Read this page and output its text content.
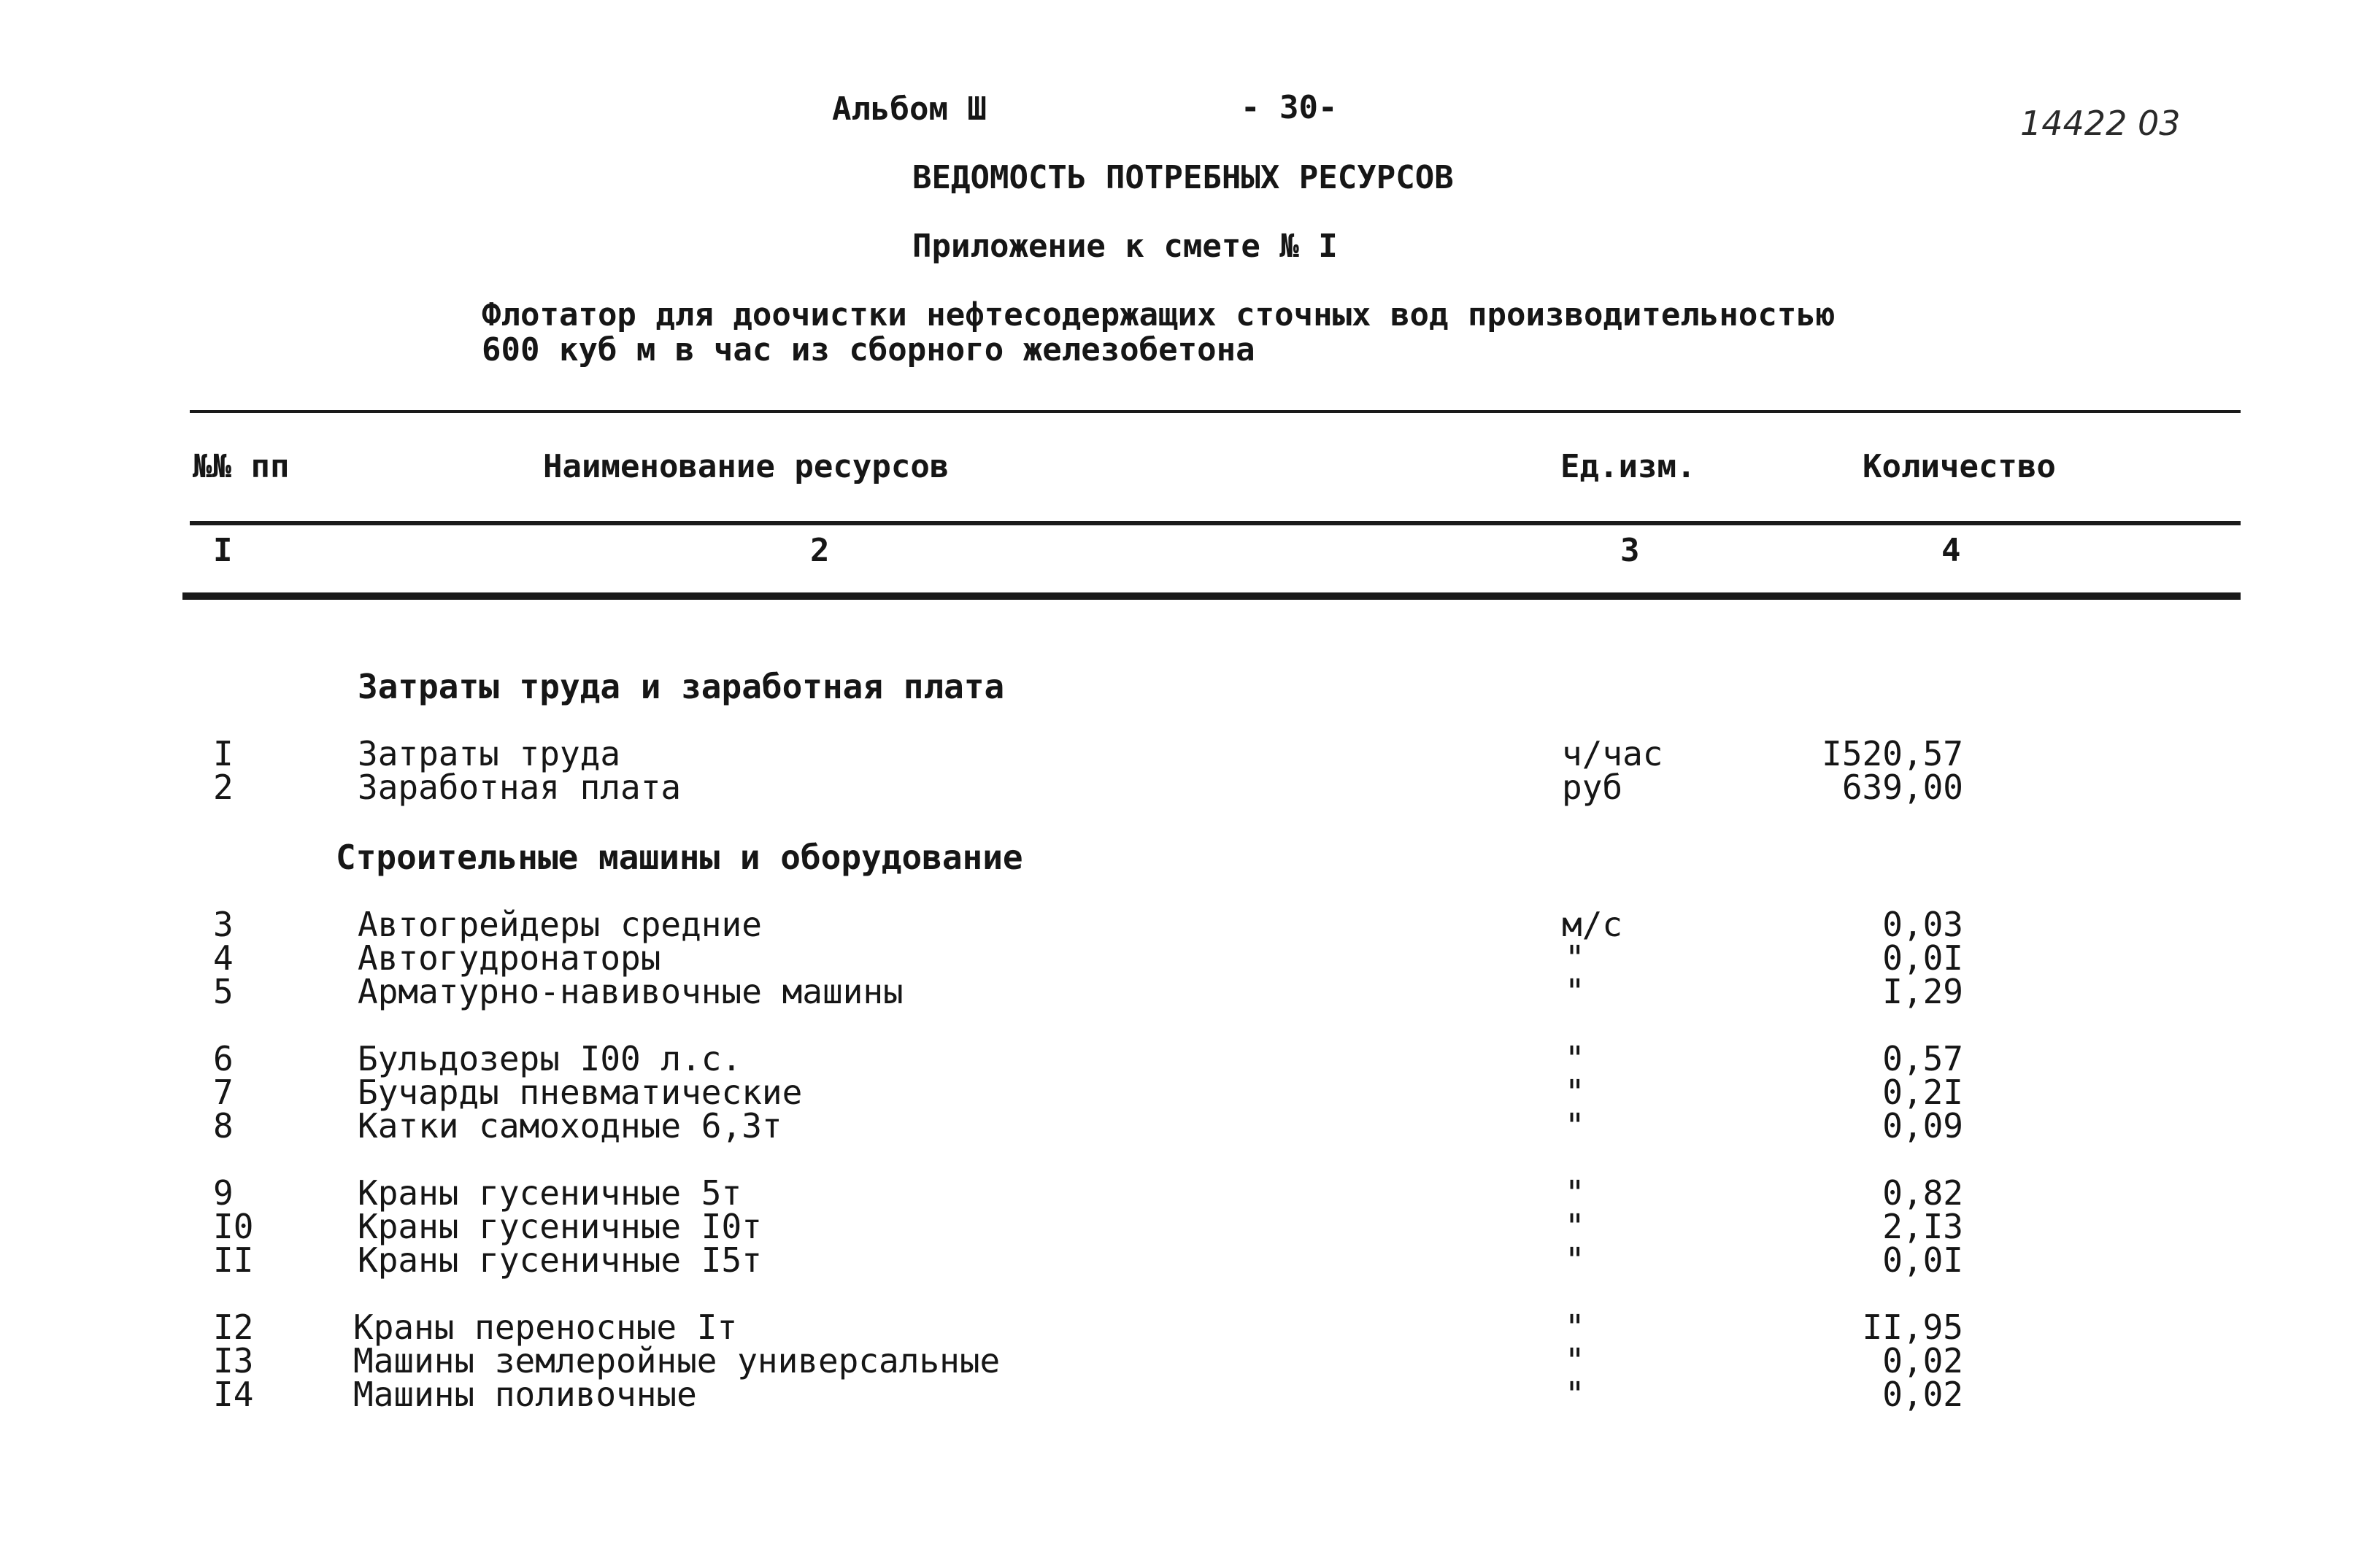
Альбом Ш	- 30-	14422 03
ВЕДОМОСТЬ ПОТРЕБНЫХ РЕСУРСОВ
Приложение к смете № I
Флотатор для доочистки нефтесодержащих сточных вод производительностью
600 куб м в час из сборного железобетона
№№ пп	Наименование ресурсов	Ед.изм.	Количество
I	2	3	4
Затраты труда и заработная плата
I	Затраты труда	ч/час	I520,57
2	Заработная плата	руб	639,00
Строительные машины и оборудование
3	Автогрейдеры средние	м/с	0,03
4	Автогудронаторы	"	0,0I
5	Арматурно-навивочные машины	"	I,29
6	Бульдозеры I00 л.с.	"	0,57
7	Бучарды пневматические	"	0,2I
8	Катки самоходные 6,3т	"	0,09
9	Краны гусеничные 5т	"	0,82
I0	Краны гусеничные I0т	"	2,I3
II	Краны гусеничные I5т	"	0,0I
I2	Краны переносные Iт	"	II,95
I3	Машины землеройные универсальные	"	0,02
I4	Машины поливочные	"	0,02
